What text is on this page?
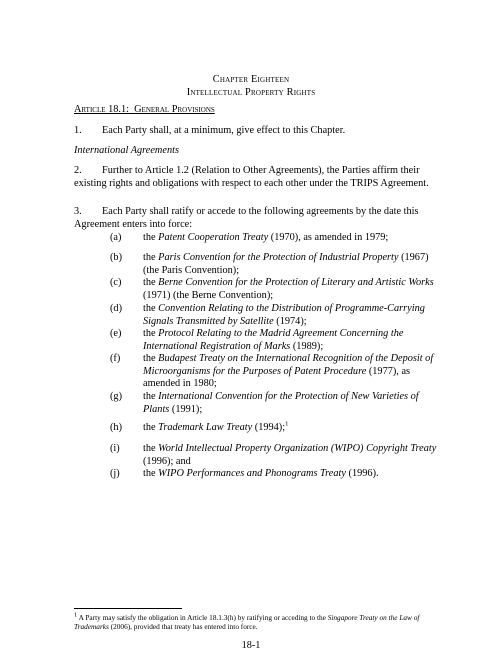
Chapter Eighteen
Intellectual Property Rights
Article 18.1: General Provisions
1. Each Party shall, at a minimum, give effect to this Chapter.
International Agreements
2. Further to Article 1.2 (Relation to Other Agreements), the Parties affirm their existing rights and obligations with respect to each other under the TRIPS Agreement.
3. Each Party shall ratify or accede to the following agreements by the date this Agreement enters into force:
(a)	the Patent Cooperation Treaty (1970), as amended in 1979;
(b)	the Paris Convention for the Protection of Industrial Property (1967) (the Paris Convention);
(c)	the Berne Convention for the Protection of Literary and Artistic Works (1971) (the Berne Convention);
(d)	the Convention Relating to the Distribution of Programme-Carrying Signals Transmitted by Satellite (1974);
(e)	the Protocol Relating to the Madrid Agreement Concerning the International Registration of Marks (1989);
(f)	the Budapest Treaty on the International Recognition of the Deposit of Microorganisms for the Purposes of Patent Procedure (1977), as amended in 1980;
(g)	the International Convention for the Protection of New Varieties of Plants (1991);
(h)	the Trademark Law Treaty (1994);$^1$
(i)	the World Intellectual Property Organization (WIPO) Copyright Treaty (1996); and
(j)	the WIPO Performances and Phonograms Treaty (1996).
$^1$ A Party may satisfy the obligation in Article 18.1.3(h) by ratifying or acceding to the Singapore Treaty on the Law of Trademarks (2006), provided that treaty has entered into force.
18-1
